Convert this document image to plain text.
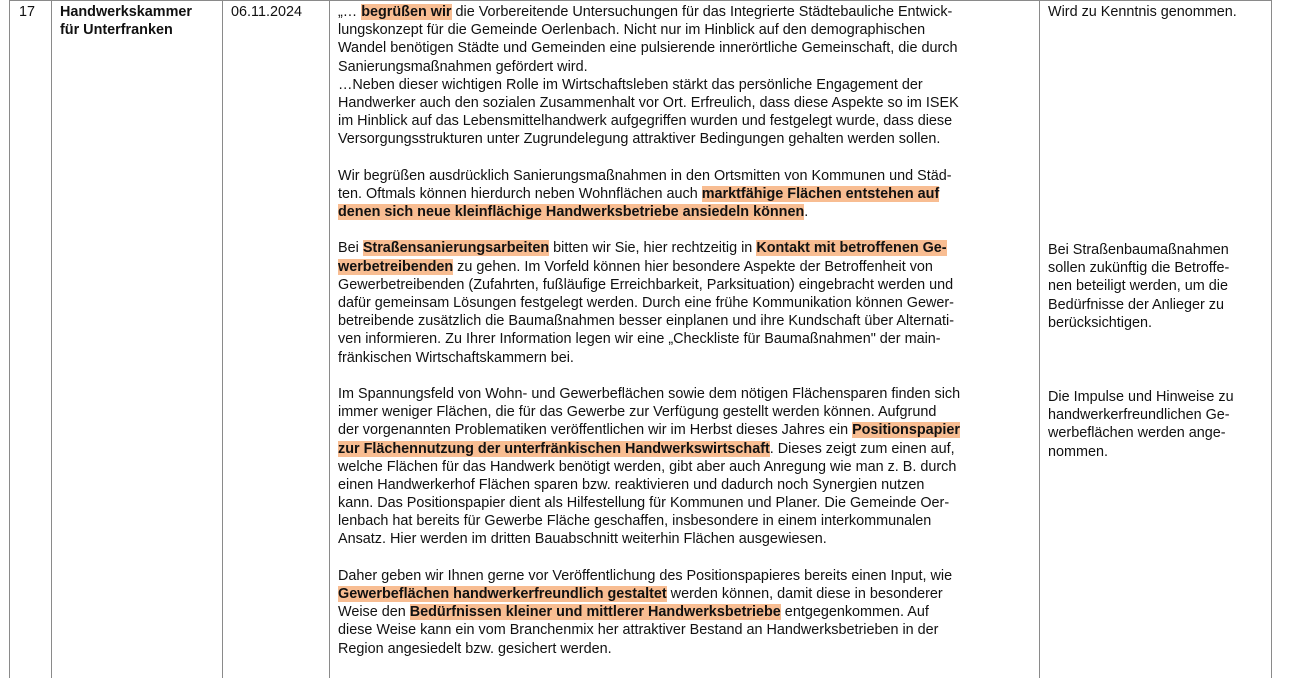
17 Handwerkskammer
für Unterfranken
06.11.2024	„… begrüßen wir die Vorbereitende Untersuchungen für das Integrierte Städtebauliche Entwick-
lungskonzept für die Gemeinde Oerlenbach. Nicht nur im Hinblick auf den demographischen
Wandel benötigen Städte und Gemeinden eine pulsierende innerörtliche Gemeinschaft, die durch
Sanierungsmaßnahmen gefördert wird.
…Neben dieser wichtigen Rolle im Wirtschaftsleben stärkt das persönliche Engagement der
Handwerker auch den sozialen Zusammenhalt vor Ort. Erfreulich, dass diese Aspekte so im ISEK
im Hinblick auf das Lebensmittelhandwerk aufgegriffen wurden und festgelegt wurde, dass diese
Versorgungsstrukturen unter Zugrundelegung attraktiver Bedingungen gehalten werden sollen.
Wir begrüßen ausdrücklich Sanierungsmaßnahmen in den Ortsmitten von Kommunen und Städ-
ten. Oftmals können hierdurch neben Wohnflächen auch marktfähige Flächen entstehen auf
denen sich neue kleinflächige Handwerksbetriebe ansiedeln können.
Bei Straßensanierungsarbeiten bitten wir Sie, hier rechtzeitig in Kontakt mit betroffenen Ge-
werbetreibenden zu gehen. Im Vorfeld können hier besondere Aspekte der Betroffenheit von
Gewerbetreibenden (Zufahrten, fußläufige Erreichbarkeit, Parksituation) eingebracht werden und
dafür gemeinsam Lösungen festgelegt werden. Durch eine frühe Kommunikation können Gewer-
betreibende zusätzlich die Baumaßnahmen besser einplanen und ihre Kundschaft über Alternati-
ven informieren. Zu Ihrer Information legen wir eine „Checkliste für Baumaßnahmen" der main-
fränkischen Wirtschaftskammern bei.
Im Spannungsfeld von Wohn- und Gewerbeflächen sowie dem nötigen Flächensparen finden sich
immer weniger Flächen, die für das Gewerbe zur Verfügung gestellt werden können. Aufgrund
der vorgenannten Problematiken veröffentlichen wir im Herbst dieses Jahres ein Positionspapier
zur Flächennutzung der unterfränkischen Handwerkswirtschaft. Dieses zeigt zum einen auf,
welche Flächen für das Handwerk benötigt werden, gibt aber auch Anregung wie man z. B. durch
einen Handwerkerhof Flächen sparen bzw. reaktivieren und dadurch noch Synergien nutzen
kann. Das Positionspapier dient als Hilfestellung für Kommunen und Planer. Die Gemeinde Oer-
lenbach hat bereits für Gewerbe Fläche geschaffen, insbesondere in einem interkommunalen
Ansatz. Hier werden im dritten Bauabschnitt weiterhin Flächen ausgewiesen.
Daher geben wir Ihnen gerne vor Veröffentlichung des Positionspapieres bereits einen Input, wie
Gewerbeflächen handwerkerfreundlich gestaltet werden können, damit diese in besonderer
Weise den Bedürfnissen kleiner und mittlerer Handwerksbetriebe entgegenkommen. Auf
diese Weise kann ein vom Branchenmix her attraktiver Bestand an Handwerksbetrieben in der
Region angesiedelt bzw. gesichert werden.
Wird zu Kenntnis genommen.
Bei Straßenbaumaßnahmen
sollen zukünftig die Betroffe-
nen beteiligt werden, um die
Bedürfnisse der Anlieger zu
berücksichtigen.
Die Impulse und Hinweise zu
handwerkerfreundlichen Ge-
werbeflächen werden ange-
nommen.
